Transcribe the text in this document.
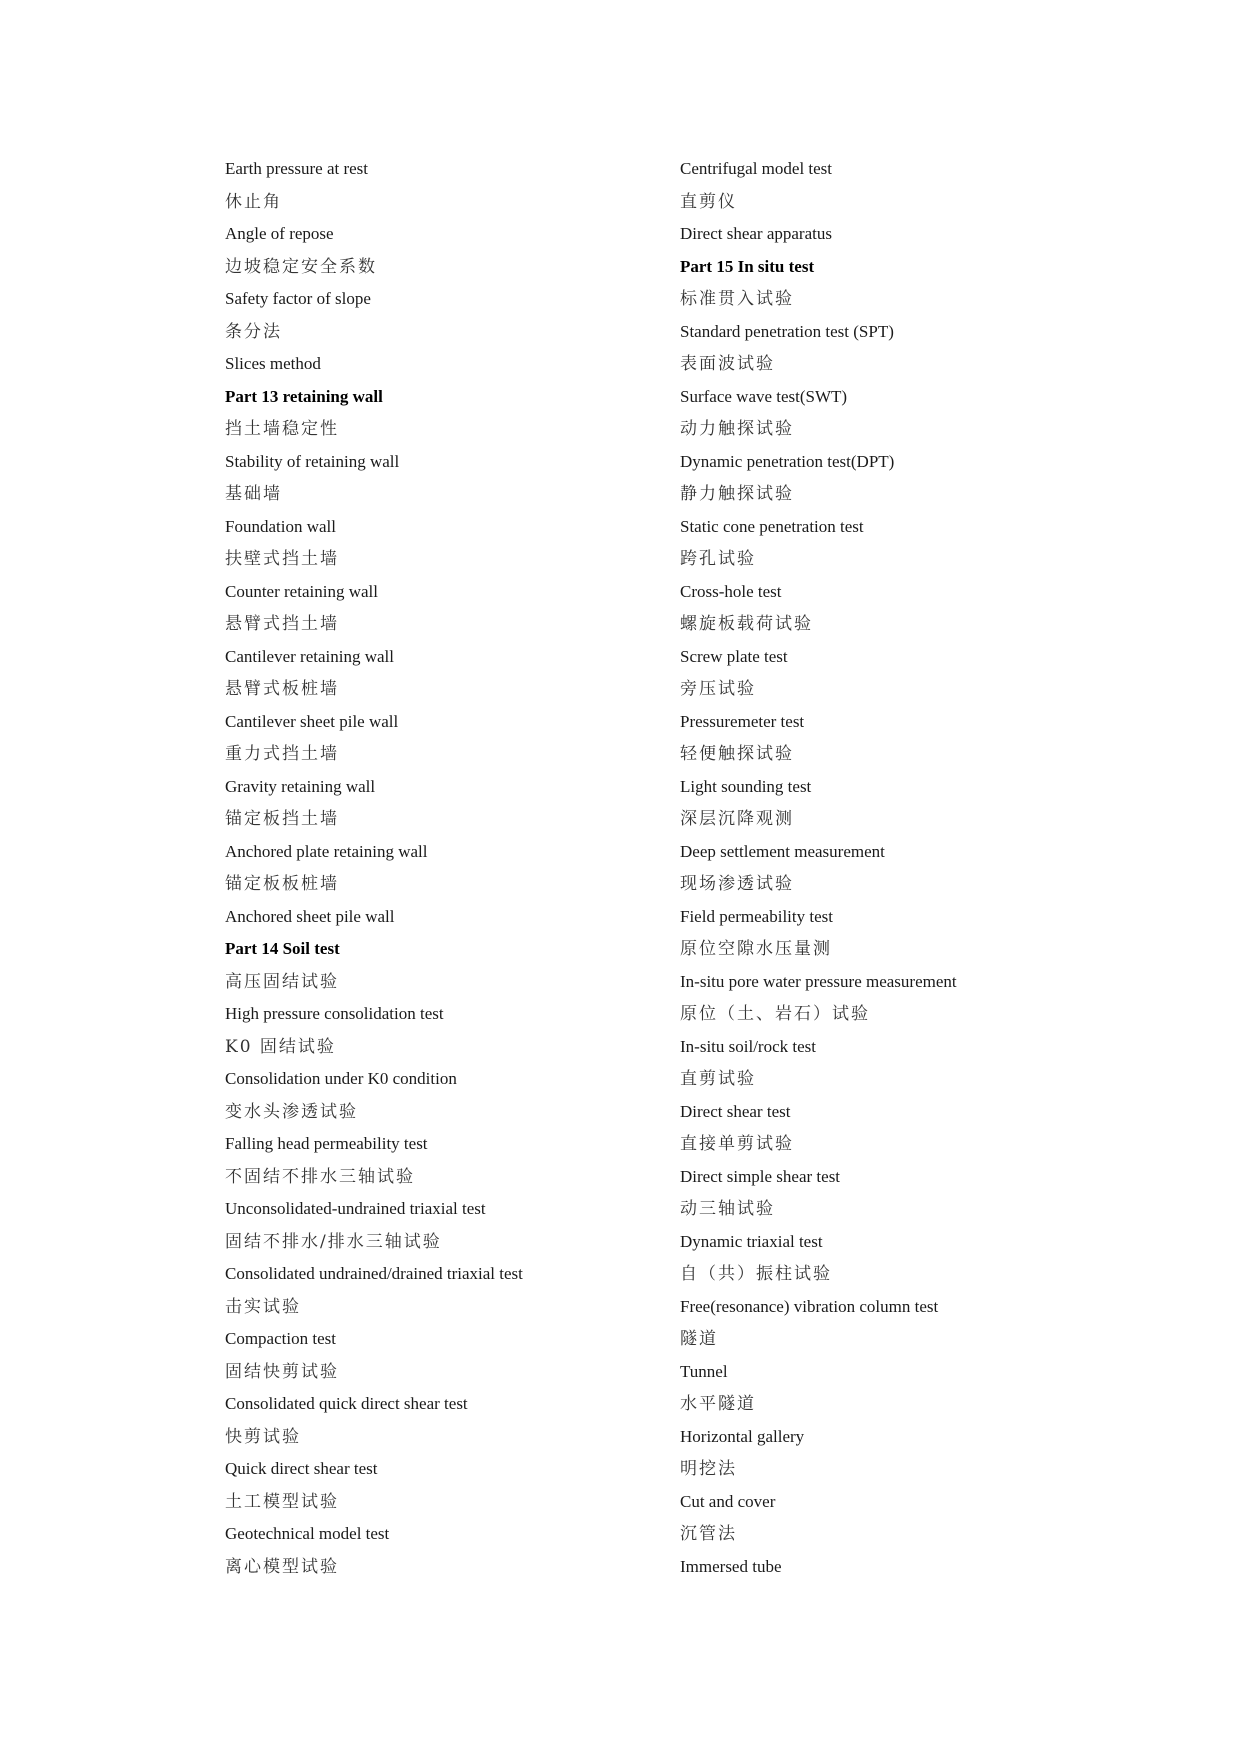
Earth pressure at rest
休止角
Angle of repose
边坡稳定安全系数
Safety factor of slope
条分法
Slices method
Part 13 retaining wall
挡土墙稳定性
Stability of retaining wall
基础墙
Foundation wall
扶壁式挡土墙
Counter retaining wall
悬臂式挡土墙
Cantilever retaining wall
悬臂式板桩墙
Cantilever sheet pile wall
重力式挡土墙
Gravity retaining wall
锚定板挡土墙
Anchored plate retaining wall
锚定板板桩墙
Anchored sheet pile wall
Part 14 Soil test
高压固结试验
High pressure consolidation test
K0 固结试验
Consolidation under K0 condition
变水头渗透试验
Falling head permeability test
不固结不排水三轴试验
Unconsolidated-undrained triaxial test
固结不排水/排水三轴试验
Consolidated undrained/drained triaxial test
击实试验
Compaction test
固结快剪试验
Consolidated quick direct shear test
快剪试验
Quick direct shear test
土工模型试验
Geotechnical model test
离心模型试验
Centrifugal model test
直剪仪
Direct shear apparatus
Part 15 In situ test
标准贯入试验
Standard penetration test (SPT)
表面波试验
Surface wave test(SWT)
动力触探试验
Dynamic penetration test(DPT)
静力触探试验
Static cone penetration test
跨孔试验
Cross-hole test
螺旋板载荷试验
Screw plate test
旁压试验
Pressuremeter test
轻便触探试验
Light sounding test
深层沉降观测
Deep settlement measurement
现场渗透试验
Field permeability test
原位空隙水压量测
In-situ pore water pressure measurement
原位（土、岩石）试验
In-situ soil/rock test
直剪试验
Direct shear test
直接单剪试验
Direct simple shear test
动三轴试验
Dynamic triaxial test
自（共）振柱试验
Free(resonance) vibration column test
隧道
Tunnel
水平隧道
Horizontal gallery
明挖法
Cut and cover
沉管法
Immersed tube
